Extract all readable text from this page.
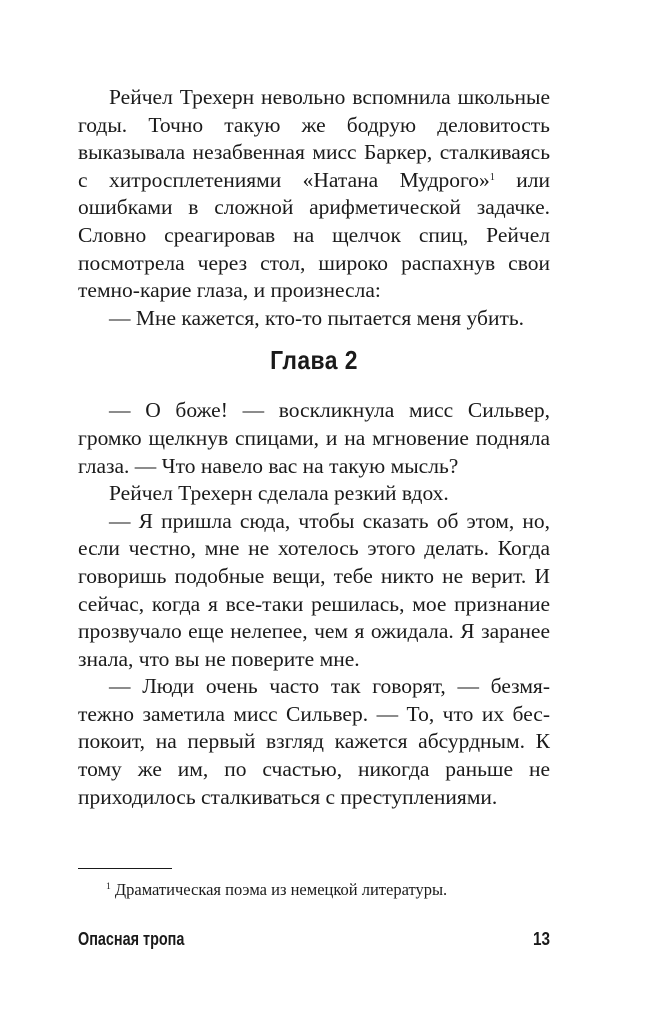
Рейчел Трехерн невольно вспомнила школьные годы. Точно такую же бодрую деловитость выказывала незабвенная мисс Баркер, сталкиваясь с хитросплетениями «Натана Мудрого»$^1$ или ошибками в сложной арифметической задачке. Словно среагировав на щелчок спиц, Рейчел посмотрела через стол, широко распахнув свои темно-карие глаза, и произнесла:

— Мне кажется, кто-то пытается меня убить.

Глава 2

— О боже! — воскликнула мисс Сильвер, громко щелкнув спицами, и на мгновение подняла глаза. — Что навело вас на такую мысль?

Рейчел Трехерн сделала резкий вдох.

— Я пришла сюда, чтобы сказать об этом, но, если честно, мне не хотелось этого делать. Когда говоришь подобные вещи, тебе никто не верит. И сейчас, когда я все-таки решилась, мое признание прозвучало еще нелепее, чем я ожидала. Я заранее знала, что вы не поверите мне.

— Люди очень часто так говорят, — безмятежно заметила мисс Сильвер. — То, что их беспокоит, на первый взгляд кажется абсурдным. К тому же им, по счастью, никогда раньше не приходилось сталкиваться с преступлениями.

$^1$ Драматическая поэма из немецкой литературы.
Опасная тропа	13
